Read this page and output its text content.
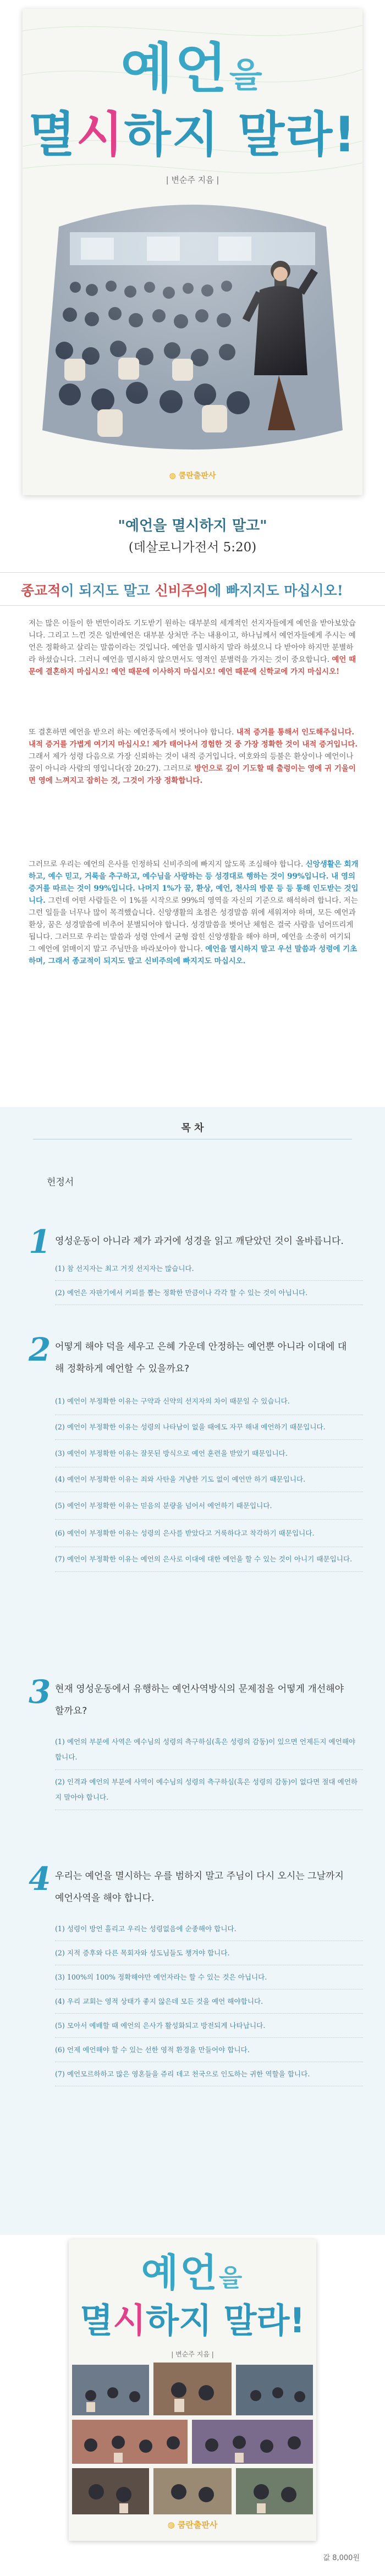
예언을
멸시하지 말라!
| 변순주 지음 |
◍ 쿰란출판사
"예언을 멸시하지 말고"
(데살로니가전서 5:20)
종교적이 되지도 말고 신비주의에 빠지지도 마십시오!

저는 많은 이들이 한 번만이라도 기도받기 원하는 대부분의 세계적인 선지자들에게 예언을 받아보았습니다. 그리고 느낀 것은 일반예언은 대부분 상처만 주는 내용이고, 하나님께서 예언자들에게 주시는 예언은 정확하고 살리는 말씀이라는 것입니다. 예언을 멸시하지 말라 하셨으니 다 받아야 하지만 분별하라 하셨습니다. 그러니 예언을 멸시하지 않으면서도 영적인 분별력을 가지는 것이 중요합니다. 예언 때문에 결혼하지 마십시오! 예언 때문에 이사하지 마십시오! 예언 때문에 신학교에 가지 마십시오!

또 결혼하면 예언을 받으러 하는 예언중독에서 벗어나야 합니다. 내적 증거를 통해서 인도해주십니다. 내적 증거를 가볍게 여기지 마십시오! 제가 태어나서 경험한 것 중 가장 정확한 것이 내적 증거입니다. 그래서 제가 성령 다음으로 가장 신뢰하는 것이 내적 증거입니다. 여호와의 등불은 환상이나 예언이나 꿈이 아니라 사람의 영입니다(잠 20:27). 그러므로 방언으로 깊이 기도할 때 출렁이는 영에 귀 기울이면 영에 느껴지고 잡히는 것, 그것이 가장 정확합니다.

그러므로 우리는 예언의 은사를 인정하되 신비주의에 빠지지 않도록 조심해야 합니다. 신앙생활은 회개하고, 예수 믿고, 거룩을 추구하고, 예수님을 사랑하는 등 성경대로 행하는 것이 99%입니다. 내 영의 증거를 따르는 것이 99%입니다. 나머지 1%가 꿈, 환상, 예언, 천사의 방문 등 등 통해 인도받는 것입니다. 그런데 어떤 사람들은 이 1%를 시작으로 99%의 영역을 자신의 기준으로 해석하려 합니다. 저는 그런 일들을 너무나 많이 목격했습니다. 신앙생활의 초점은 성경말씀 위에 세워져야 하며, 모든 예언과 환상, 꿈은 성경말씀에 비추어 분별되어야 합니다. 성경말씀을 벗어난 체험은 결국 사람을 넘어뜨리게 됩니다. 그러므로 우리는 말씀과 성령 안에서 균형 잡힌 신앙생활을 해야 하며, 예언을 소중히 여기되 그 예언에 얽매이지 말고 주님만을 바라보아야 합니다. 예언을 멸시하지 말고 우선 말씀과 성령에 기초하며, 그래서 종교적이 되지도 말고 신비주의에 빠지지도 마십시오.

목 차
헌정서
1 영성운동이 아니라 제가 과거에 성경을 읽고 깨닫았던 것이 올바릅니다.
(1) 참 선지자는 최고 거짓 선지자는 많습니다.
(2) 예언은 자판기에서 커피를 뽑는 정확한 만큼이나 각각 할 수 있는 것이 아닙니다.
2 어떻게 해야 덕을 세우고 은혜 가운데 안정하는 예언뿐 아니라 이대에 대해 정확하게 예언할 수 있을까요?
(1) 예언이 부정확한 이유는 구약과 신약의 선지자의 차이 때문일 수 있습니다.
(2) 예언이 부정확한 이유는 성령의 나타남이 없을 때에도 자꾸 해내 예언하기 때문입니다.
(3) 예언이 부정확한 이유는 잘못된 방식으로 예언 훈련을 받았기 때문입니다.
(4) 예언이 부정확한 이유는 죄와 사탄을 겨냥한 기도 없이 예언만 하기 때문입니다.
(5) 예언이 부정확한 이유는 믿음의 분량을 넘어서 예언하기 때문입니다.
(6) 예언이 부정확한 이유는 성령의 은사를 받았다고 거룩하다고 착각하기 때문입니다.
(7) 예언이 부정확한 이유는 예언의 은사로 이대에 대한 예언을 할 수 있는 것이 아니기 때문입니다.
3 현재 영성운동에서 유행하는 예언사역방식의 문제점을 어떻게 개선해야 할까요?
(1) 예언의 부분에 사역은 예수님의 성령의 측구하심(혹은 성령의 감동)이 있으면 언제든지 예언해야 합니다.
(2) 인격과 예언의 부분에 사역이 예수님의 성령의 측구하심(혹은 성령의 감동)이 없다면 절대 예언하지 말아야 합니다.
4 우리는 예언을 멸시하는 우를 범하지 말고 주님이 다시 오시는 그날까지 예언사역을 해야 합니다.
(1) 성령이 방언 흘리고 우리는 성령없음에 순종해야 합니다.
(2) 지적 증후와 다른 목회자와 성도님들도 챙겨야 합니다.
(3) 100%의 100% 정확해야만 예언자라는 할 수 있는 것은 아닙니다.
(4) 우리 교회는 영적 상태가 좋지 않은데 모든 것을 예언 해야합니다.
(5) 모아서 예배할 때 예언의 은사가 활성화되고 방전되게 나타납니다.
(6) 언제 예언해야 할 수 있는 선한 영적 환경을 만들어야 합니다.
(7) 예언모르하하고 많은 영혼들을 쥬리 데고 천국으로 인도하는 귀한 역할을 합니다.
예언을
멸시하지 말라!
| 변순주 지음 |
◍ 쿰란출판사
값 8,000원
